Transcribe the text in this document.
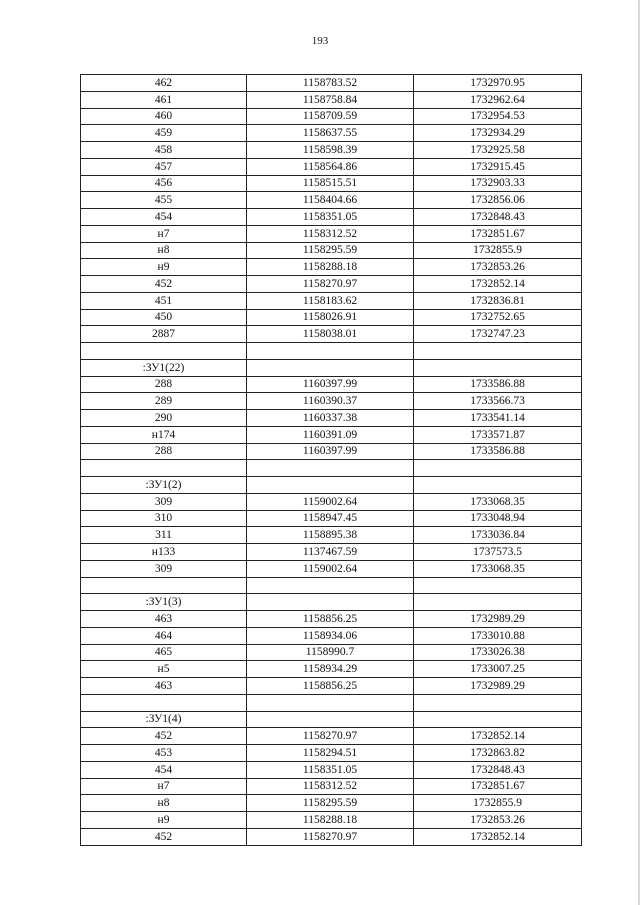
193
462	1158783.52	1732970.95
461	1158758.84	1732962.64
460	1158709.59	1732954.53
459	1158637.55	1732934.29
458	1158598.39	1732925.58
457	1158564.86	1732915.45
456	1158515.51	1732903.33
455	1158404.66	1732856.06
454	1158351.05	1732848.43
н7	1158312.52	1732851.67
н8	1158295.59	1732855.9
н9	1158288.18	1732853.26
452	1158270.97	1732852.14
451	1158183.62	1732836.81
450	1158026.91	1732752.65
2887	1158038.01	1732747.23

:ЗУ1(22)		
288	1160397.99	1733586.88
289	1160390.37	1733566.73
290	1160337.38	1733541.14
н174	1160391.09	1733571.87
288	1160397.99	1733586.88

:ЗУ1(2)		
309	1159002.64	1733068.35
310	1158947.45	1733048.94
311	1158895.38	1733036.84
н133	1137467.59	1737573.5
309	1159002.64	1733068.35

:ЗУ1(3)		
463	1158856.25	1732989.29
464	1158934.06	1733010.88
465	1158990.7	1733026.38
н5	1158934.29	1733007.25
463	1158856.25	1732989.29

:ЗУ1(4)		
452	1158270.97	1732852.14
453	1158294.51	1732863.82
454	1158351.05	1732848.43
н7	1158312.52	1732851.67
н8	1158295.59	1732855.9
н9	1158288.18	1732853.26
452	1158270.97	1732852.14
